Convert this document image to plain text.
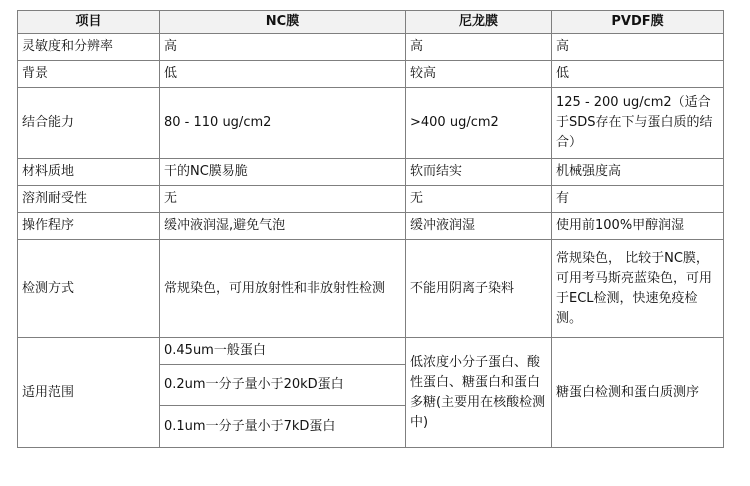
项目	NC膜	尼龙膜	PVDF膜
灵敏度和分辨率	高	高	高
背景	低	较高	低
结合能力	80 - 110 ug/cm2	>400 ug/cm2	125 - 200 ug/cm2（适合于SDS存在下与蛋白质的结合）
材料质地	干的NC膜易脆	软而结实	机械强度高
溶剂耐受性	无	无	有
操作程序	缓冲液润湿,避免气泡	缓冲液润湿	使用前100%甲醇润湿
检测方式	常规染色，可用放射性和非放射性检测	不能用阴离子染料	常规染色， 比较于NC膜，可用考马斯亮蓝染色，可用于ECL检测，快速免疫检测。
适用范围	0.45um一般蛋白	低浓度小分子蛋白、酸性蛋白、糖蛋白和蛋白多糖(主要用在核酸检测中)	糖蛋白检测和蛋白质测序
	0.2um一分子量小于20kD蛋白		
	0.1um一分子量小于7kD蛋白		
